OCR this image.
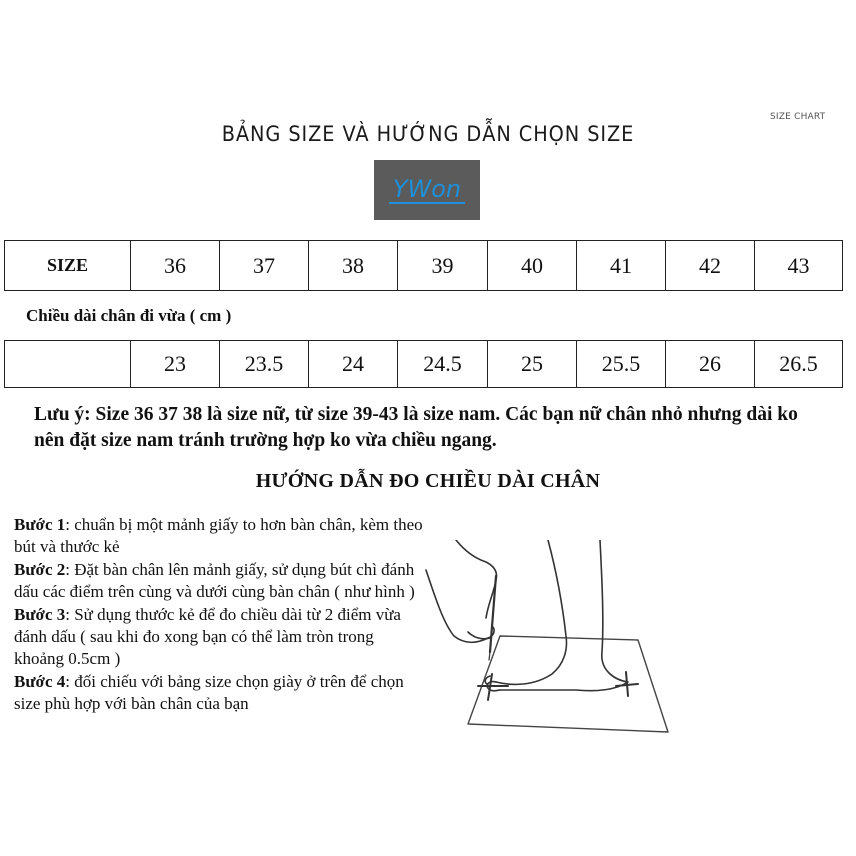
SIZE CHART
BẢNG SIZE VÀ HƯỚNG DẪN CHỌN SIZE
YWon
SIZE	36	37	38	39	40	41	42	43
Chiều dài chân đi vừa ( cm )
	23	23.5	24	24.5	25	25.5	26	26.5
Lưu ý: Size 36 37 38 là size nữ, từ size 39-43 là size nam. Các bạn nữ chân nhỏ nhưng dài ko nên đặt size nam tránh trường hợp ko vừa chiều ngang.
HƯỚNG DẪN ĐO CHIỀU DÀI CHÂN

Bước 1: chuẩn bị một mảnh giấy to hơn bàn chân, kèm theo bút và thước kẻ

Bước 2: Đặt bàn chân lên mảnh giấy, sử dụng bút chì đánh dấu các điểm trên cùng và dưới cùng bàn chân ( như hình )

Bước 3: Sử dụng thước kẻ để đo chiều dài từ 2 điểm vừa đánh dấu ( sau khi đo xong bạn có thể làm tròn trong khoảng 0.5cm )

Bước 4: đối chiếu với bảng size chọn giày ở trên để chọn size phù hợp với bàn chân của bạn
